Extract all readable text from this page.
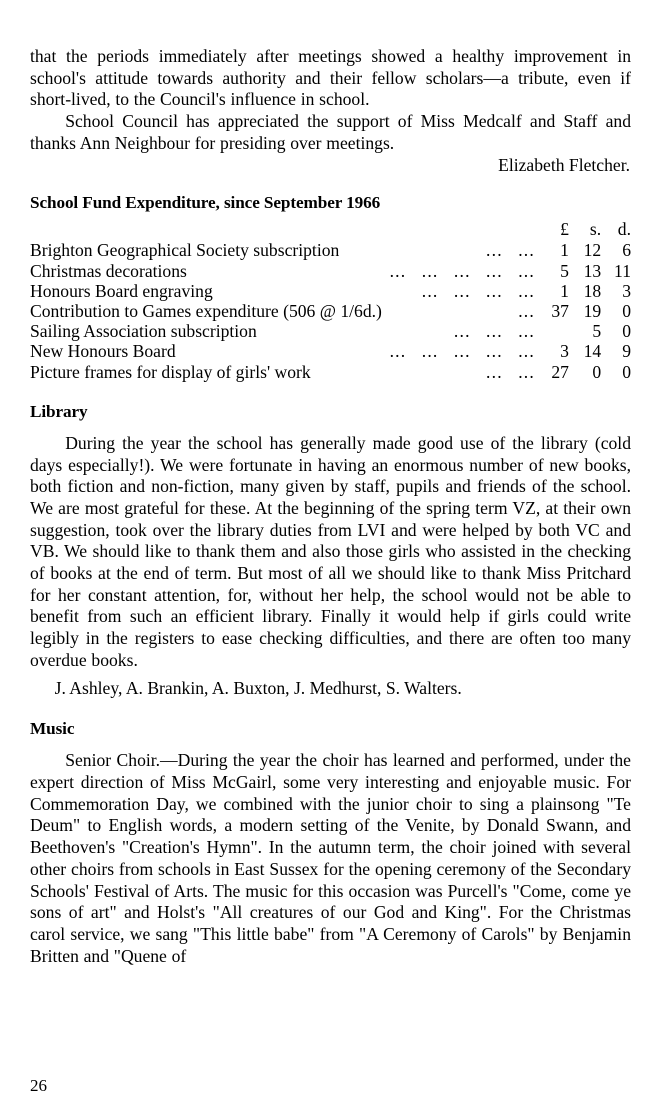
that the periods immediately after meetings showed a healthy improvement in school's attitude towards authority and their fellow scholars—a tribute, even if short-lived, to the Council's influence in school.

School Council has appreciated the support of Miss Medcalf and Staff and thanks Ann Neighbour for presiding over meetings.

Elizabeth Fletcher.

School Fund Expenditure, since September 1966
						£	s.	d.
Brighton Geographical Society subscription				...	...	1	12	6
Christmas decorations	...	...	...	...	...	5	13	11
Honours Board engraving		...	...	...	...	1	18	3
Contribution to Games expenditure (506 @ 1/6d.)					...	37	19	0
Sailing Association subscription			...	...	...		5	0
New Honours Board	...	...	...	...	...	3	14	9
Picture frames for display of girls' work				...	...	27	0	0
Library

During the year the school has generally made good use of the library (cold days especially!). We were fortunate in having an enormous number of new books, both fiction and non-fiction, many given by staff, pupils and friends of the school. We are most grateful for these. At the beginning of the spring term VZ, at their own suggestion, took over the library duties from LVI and were helped by both VC and VB. We should like to thank them and also those girls who assisted in the checking of books at the end of term. But most of all we should like to thank Miss Pritchard for her constant attention, for, without her help, the school would not be able to benefit from such an efficient library. Finally it would help if girls could write legibly in the registers to ease checking difficulties, and there are often too many overdue books.

J. Ashley, A. Brankin, A. Buxton, J. Medhurst, S. Walters.

Music

Senior Choir.—During the year the choir has learned and performed, under the expert direction of Miss McGairl, some very interesting and enjoyable music. For Commemoration Day, we combined with the junior choir to sing a plainsong "Te Deum" to English words, a modern setting of the Venite, by Donald Swann, and Beethoven's "Creation's Hymn". In the autumn term, the choir joined with several other choirs from schools in East Sussex for the opening ceremony of the Secondary Schools' Festival of Arts. The music for this occasion was Purcell's "Come, come ye sons of art" and Holst's "All creatures of our God and King". For the Christmas carol service, we sang "This little babe" from "A Ceremony of Carols" by Benjamin Britten and "Quene of

26
